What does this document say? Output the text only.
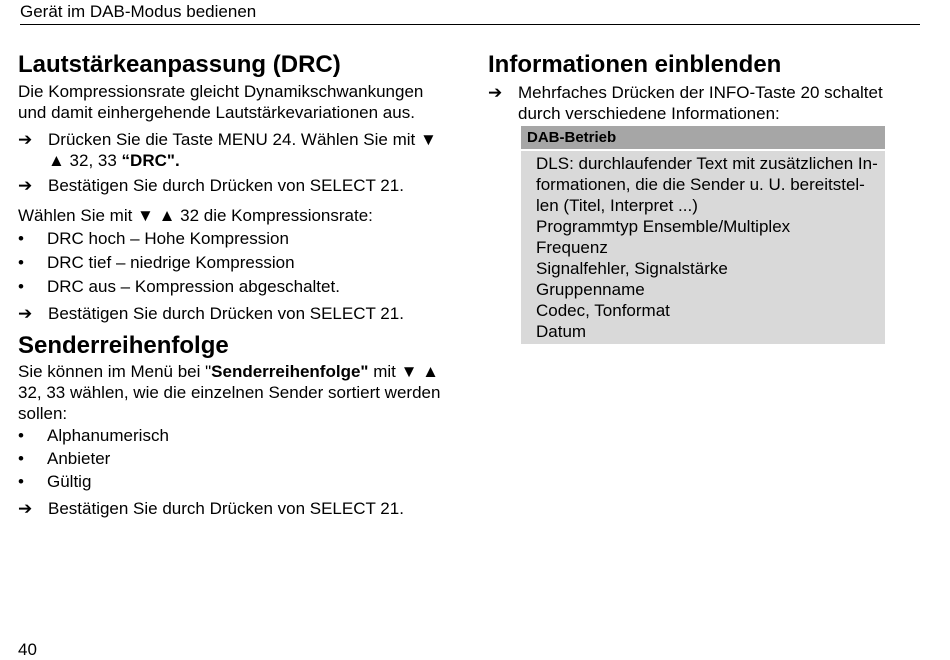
Gerät im DAB-Modus bedienen
Lautstärkeanpassung (DRC)

Die Kompressionsrate gleicht Dynamikschwankungen

und damit einhergehende Lautstärkevariationen aus.

➔ Drücken Sie die Taste MENU 24. Wählen Sie mit ▼
▲ 32, 33 “DRC".
➔ Bestätigen Sie durch Drücken von SELECT 21.

Wählen Sie mit ▼ ▲ 32 die Kompressionsrate:

• DRC hoch – Hohe Kompression
• DRC tief – niedrige Kompression
• DRC aus – Kompression abgeschaltet.
➔ Bestätigen Sie durch Drücken von SELECT 21.
Senderreihenfolge

Sie können im Menü bei "Senderreihenfolge" mit ▼ ▲

32, 33 wählen, wie die einzelnen Sender sortiert werden

sollen:

• Alphanumerisch
• Anbieter
• Gültig
➔ Bestätigen Sie durch Drücken von SELECT 21.
Informationen einblenden
➔ Mehrfaches Drücken der INFO-Taste 20 schaltet
durch verschiedene Informationen:
DAB-Betrieb
DLS: durchlaufender Text mit zusätzlichen In-
formationen, die die Sender u. U. bereitstel-
len (Titel, Interpret ...)
Programmtyp Ensemble/Multiplex
Frequenz
Signalfehler, Signalstärke
Gruppenname
Codec, Tonformat
Datum
40
